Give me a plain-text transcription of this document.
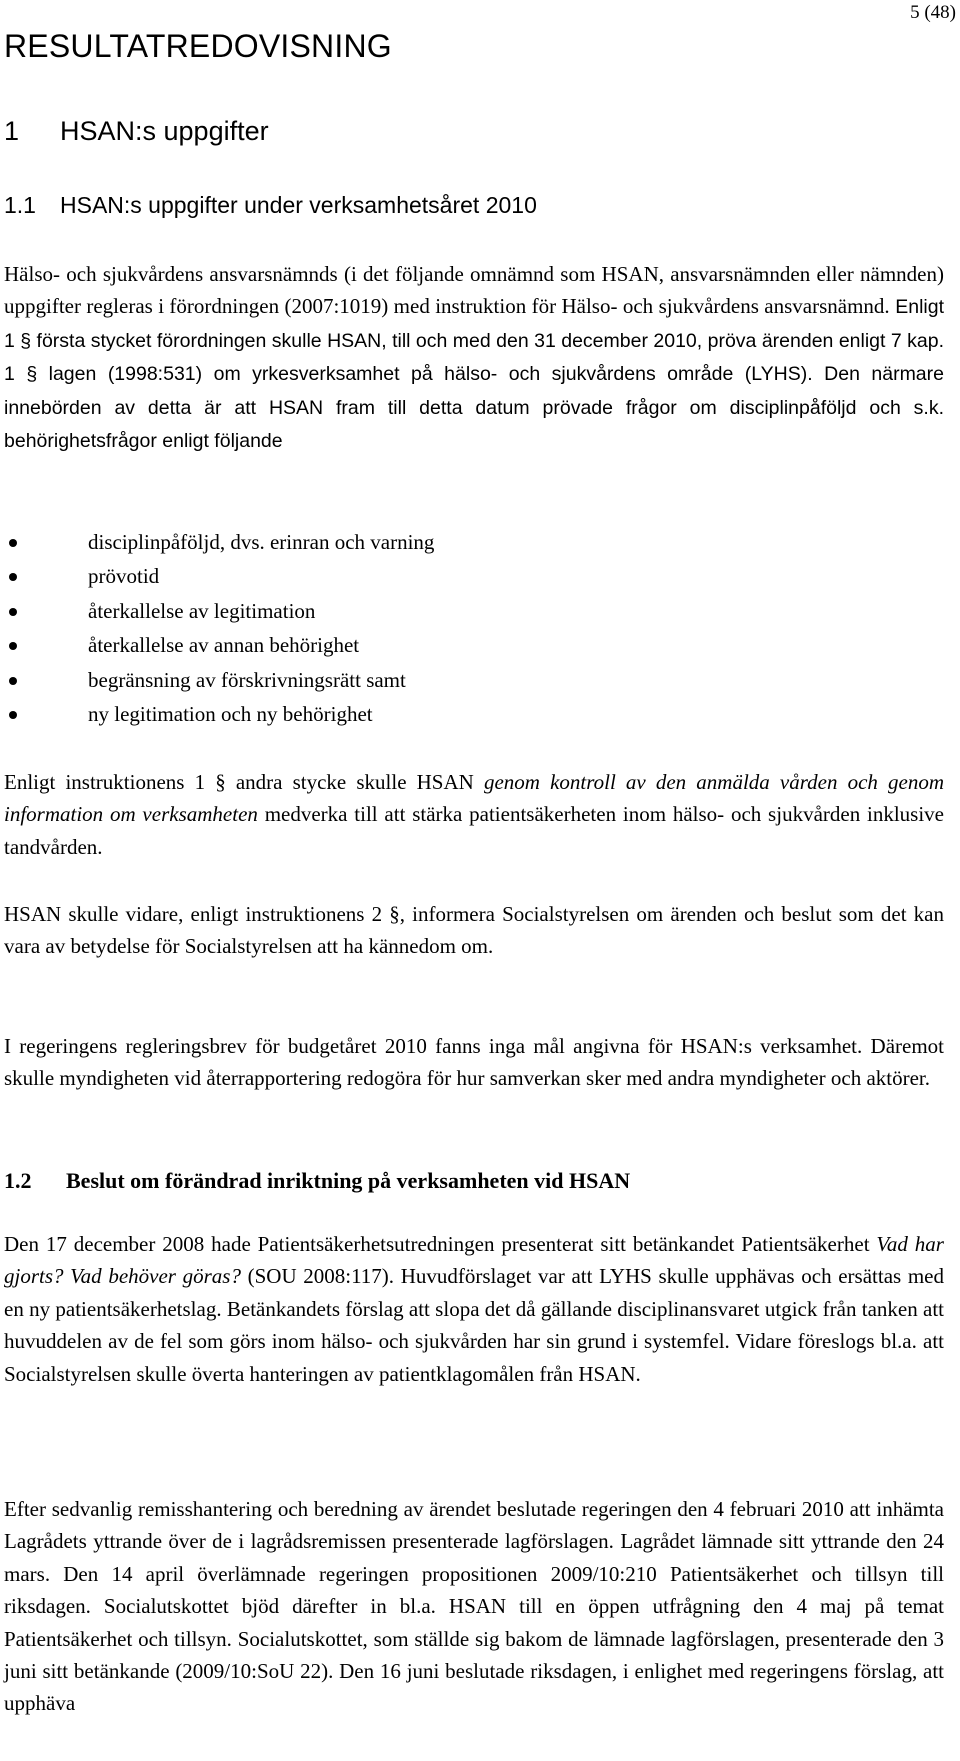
5 (48)
RESULTATREDOVISNING
1 HSAN:s uppgifter
1.1 HSAN:s uppgifter under verksamhetsåret 2010

Hälso- och sjukvårdens ansvarsnämnds (i det följande omnämnd som HSAN, ansvarsnämnden eller nämnden) uppgifter regleras i förordningen (2007:1019) med instruktion för Hälso- och sjukvårdens ansvarsnämnd. Enligt 1 § första stycket förordningen skulle HSAN, till och med den 31 december 2010, pröva ärenden enligt 7 kap. 1 § lagen (1998:531) om yrkesverksamhet på hälso- och sjukvårdens område (LYHS). Den närmare innebörden av detta är att HSAN fram till detta datum prövade frågor om disciplinpåföljd och s.k. behörighetsfrågor enligt följande

disciplinpåföljd, dvs. erinran och varning
prövotid
återkallelse av legitimation
återkallelse av annan behörighet
begränsning av förskrivningsrätt samt
ny legitimation och ny behörighet

Enligt instruktionens 1 § andra stycke skulle HSAN genom kontroll av den anmälda vården och genom information om verksamheten medverka till att stärka patientsäkerheten inom hälso- och sjukvården inklusive tandvården.

HSAN skulle vidare, enligt instruktionens 2 §, informera Socialstyrelsen om ärenden och beslut som det kan vara av betydelse för Socialstyrelsen att ha kännedom om.

I regeringens regleringsbrev för budgetåret 2010 fanns inga mål angivna för HSAN:s verksamhet. Däremot skulle myndigheten vid återrapportering redogöra för hur samverkan sker med andra myndigheter och aktörer.

1.2 Beslut om förändrad inriktning på verksamheten vid HSAN

Den 17 december 2008 hade Patientsäkerhetsutredningen presenterat sitt betänkandet Patientsäkerhet Vad har gjorts? Vad behöver göras? (SOU 2008:117). Huvudförslaget var att LYHS skulle upphävas och ersättas med en ny patientsäkerhetslag. Betänkandets förslag att slopa det då gällande disciplinansvaret utgick från tanken att huvuddelen av de fel som görs inom hälso- och sjukvården har sin grund i systemfel. Vidare föreslogs bl.a. att Socialstyrelsen skulle överta hanteringen av patientklagomålen från HSAN.

Efter sedvanlig remisshantering och beredning av ärendet beslutade regeringen den 4 februari 2010 att inhämta Lagrådets yttrande över de i lagrådsremissen presenterade lagförslagen. Lagrådet lämnade sitt yttrande den 24 mars. Den 14 april överlämnade regeringen propositionen 2009/10:210 Patientsäkerhet och tillsyn till riksdagen. Socialutskottet bjöd därefter in bl.a. HSAN till en öppen utfrågning den 4 maj på temat Patientsäkerhet och tillsyn. Socialutskottet, som ställde sig bakom de lämnade lagförslagen, presenterade den 3 juni sitt betänkande (2009/10:SoU 22). Den 16 juni beslutade riksdagen, i enlighet med regeringens förslag, att upphäva
